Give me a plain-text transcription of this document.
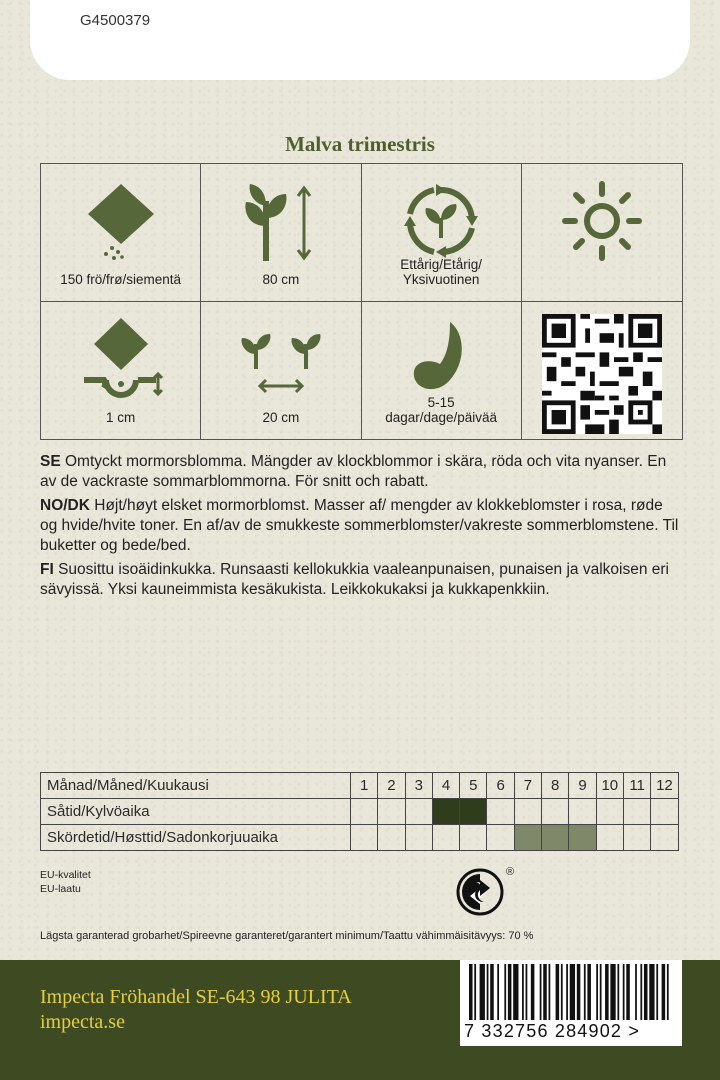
G4500379
Malva trimestris
150 frö/frø/siementä	80 cm
Ettårig/Etårig/
Yksivuotinen
1 cm	20 cm
5-15
dagar/dage/päivää

SE Omtyckt mormorsblomma. Mängder av klockblommor i skära, röda och vita nyanser. En av de vackraste sommarblommorna. För snitt och rabatt.

NO/DK Højt/høyt elsket mormorblomst. Masser af/ mengder av klokkeblomster i rosa, røde og hvide/hvite toner. En af/av de smukkeste sommerblomster/vakreste sommerblomstene. Til buketter og bede/bed.

FI Suosittu isoäidinkukka. Runsaasti kellokukkia vaaleanpunaisen, punaisen ja valkoisen eri sävyissä. Yksi kauneimmista kesäkukista. Leikkokukaksi ja kukkapenkkiin.

Månad/Måned/Kuukausi	1	2	3	4	5	6	7	8	9	10	11	12
Såtid/Kylvöaika												
Skördetid/Høsttid/Sadonkorjuuaika												
EU-kvalitet
EU-laatu
®
Lägsta garanterad grobarhet/Spireevne garanteret/garantert minimum/Taattu vähimmäisitävyys: 70 %
Impecta Fröhandel SE-643 98 JULITA
impecta.se	7 332756 284902 >
